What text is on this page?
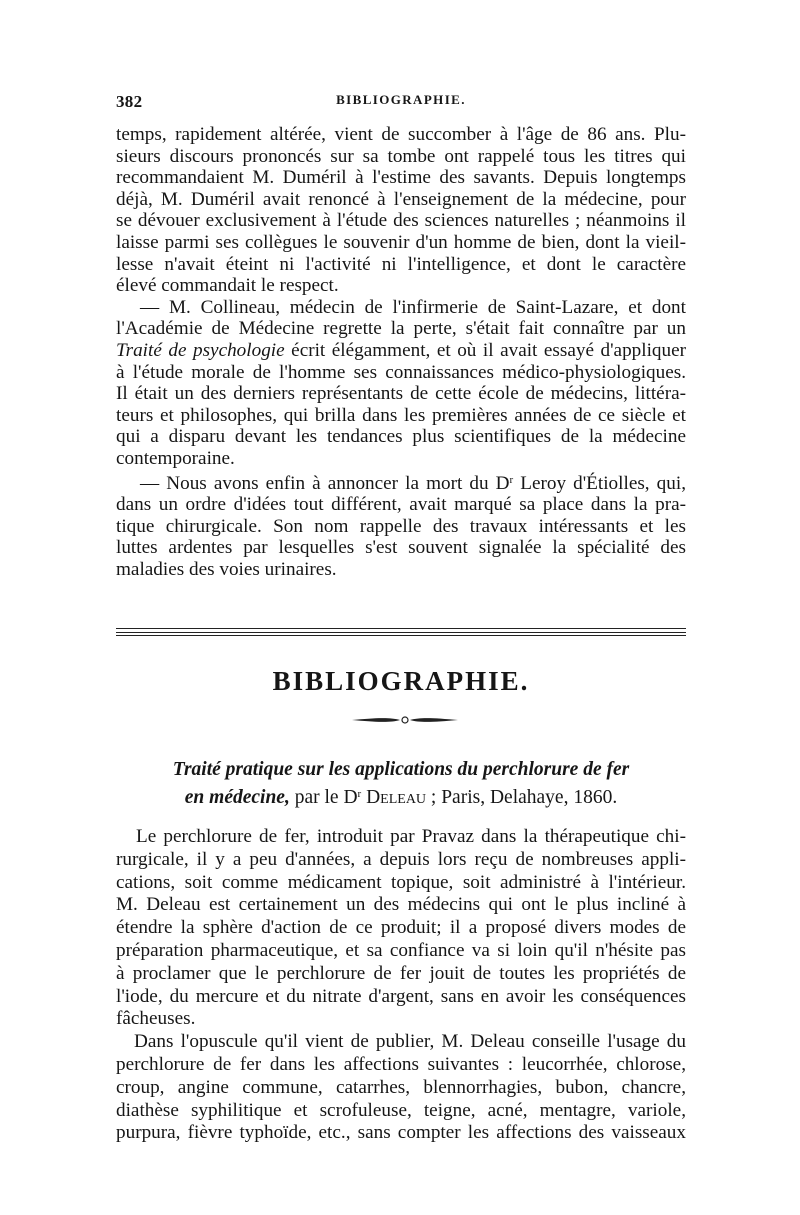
382	BIBLIOGRAPHIE.

temps, rapidement altérée, vient de succomber à l'âge de 86 ans. Plu-
sieurs discours prononcés sur sa tombe ont rappelé tous les titres qui
recommandaient M. Duméril à l'estime des savants. Depuis longtemps
déjà, M. Duméril avait renoncé à l'enseignement de la médecine, pour
se dévouer exclusivement à l'étude des sciences naturelles ; néanmoins il
laisse parmi ses collègues le souvenir d'un homme de bien, dont la vieil-
lesse n'avait éteint ni l'activité ni l'intelligence, et dont le caractère
élevé commandait le respect.

— M. Collineau, médecin de l'infirmerie de Saint-Lazare, et dont
l'Académie de Médecine regrette la perte, s'était fait connaître par un
Traité de psychologie écrit élégamment, et où il avait essayé d'appliquer
à l'étude morale de l'homme ses connaissances médico-physiologiques.
Il était un des derniers représentants de cette école de médecins, littéra-
teurs et philosophes, qui brilla dans les premières années de ce siècle et
qui a disparu devant les tendances plus scientifiques de la médecine
contemporaine.

— Nous avons enfin à annoncer la mort du $D^r$ Leroy d'Étiolles, qui,
dans un ordre d'idées tout différent, avait marqué sa place dans la pra-
tique chirurgicale. Son nom rappelle des travaux intéressants et les
luttes ardentes par lesquelles s'est souvent signalée la spécialité des
maladies des voies urinaires.

BIBLIOGRAPHIE.
Traité pratique sur les applications du perchlorure de fer
en médecine, par le $D^r$ Deleau ; Paris, Delahaye, 1860.

Le perchlorure de fer, introduit par Pravaz dans la thérapeutique chi-
rurgicale, il y a peu d'années, a depuis lors reçu de nombreuses appli-
cations, soit comme médicament topique, soit administré à l'intérieur.
M. Deleau est certainement un des médecins qui ont le plus incliné à
étendre la sphère d'action de ce produit; il a proposé divers modes de
préparation pharmaceutique, et sa confiance va si loin qu'il n'hésite pas
à proclamer que le perchlorure de fer jouit de toutes les propriétés de
l'iode, du mercure et du nitrate d'argent, sans en avoir les conséquences
fâcheuses.

Dans l'opuscule qu'il vient de publier, M. Deleau conseille l'usage du
perchlorure de fer dans les affections suivantes : leucorrhée, chlorose,
croup, angine commune, catarrhes, blennorrhagies, bubon, chancre,
diathèse syphilitique et scrofuleuse, teigne, acné, mentagre, variole,
purpura, fièvre typhoïde, etc., sans compter les affections des vaisseaux
